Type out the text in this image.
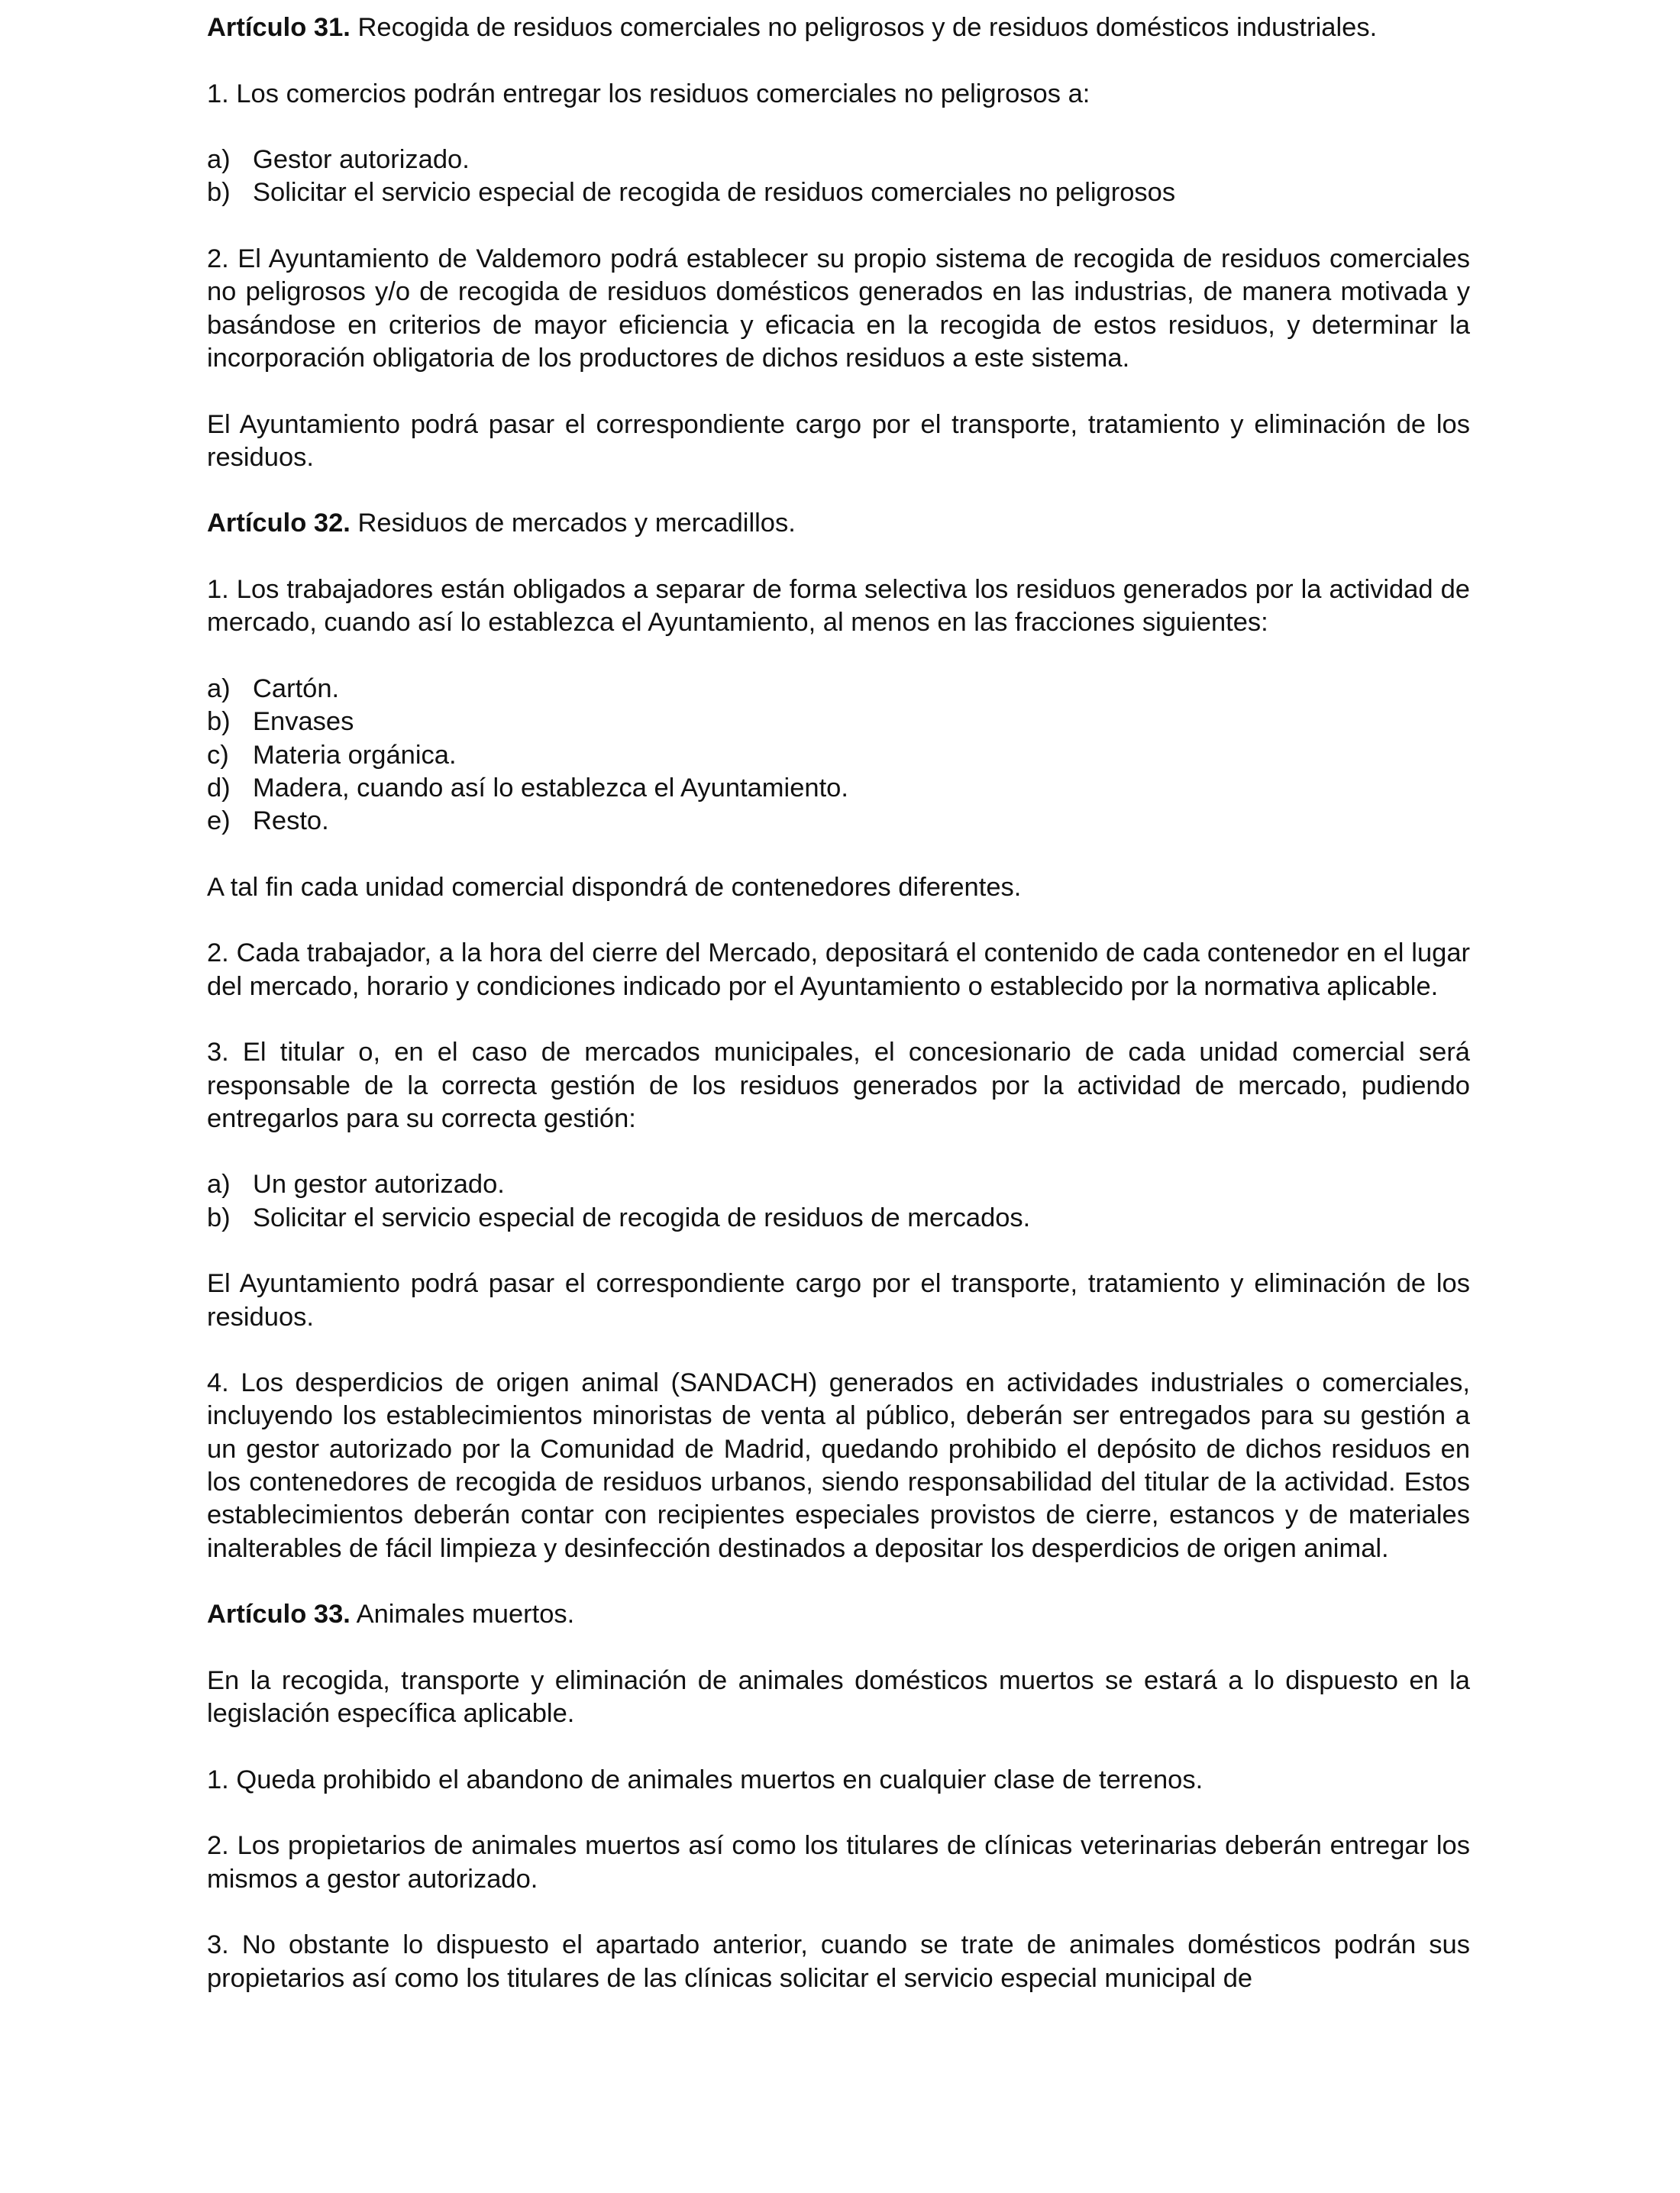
Artículo 31. Recogida de residuos comerciales no peligrosos y de residuos domésticos industriales.
1. Los comercios podrán entregar los residuos comerciales no peligrosos a:
a) Gestor autorizado.
b) Solicitar el servicio especial de recogida de residuos comerciales no peligrosos
2. El Ayuntamiento de Valdemoro podrá establecer su propio sistema de recogida de residuos comerciales no peligrosos y/o de recogida de residuos domésticos generados en las industrias, de manera motivada y basándose en criterios de mayor eficiencia y eficacia en la recogida de estos residuos, y determinar la incorporación obligatoria de los productores de dichos residuos a este sistema.
El Ayuntamiento podrá pasar el correspondiente cargo por el transporte, tratamiento y eliminación de los residuos.
Artículo 32. Residuos de mercados y mercadillos.
1. Los trabajadores están obligados a separar de forma selectiva los residuos generados por la actividad de mercado, cuando así lo establezca el Ayuntamiento, al menos en las fracciones siguientes:
a) Cartón.
b) Envases
c) Materia orgánica.
d) Madera, cuando así lo establezca el Ayuntamiento.
e) Resto.
A tal fin cada unidad comercial dispondrá de contenedores diferentes.
2. Cada trabajador, a la hora del cierre del Mercado, depositará el contenido de cada contenedor en el lugar del mercado, horario y condiciones indicado por el Ayuntamiento o establecido por la normativa aplicable.
3. El titular o, en el caso de mercados municipales, el concesionario de cada unidad comercial será responsable de la correcta gestión de los residuos generados por la actividad de mercado, pudiendo entregarlos para su correcta gestión:
a) Un gestor autorizado.
b) Solicitar el servicio especial de recogida de residuos de mercados.
El Ayuntamiento podrá pasar el correspondiente cargo por el transporte, tratamiento y eliminación de los residuos.
4. Los desperdicios de origen animal (SANDACH) generados en actividades industriales o comerciales, incluyendo los establecimientos minoristas de venta al público, deberán ser entregados para su gestión a un gestor autorizado por la Comunidad de Madrid, quedando prohibido el depósito de dichos residuos en los contenedores de recogida de residuos urbanos, siendo responsabilidad del titular de la actividad. Estos establecimientos deberán contar con recipientes especiales provistos de cierre, estancos y de materiales inalterables de fácil limpieza y desinfección destinados a depositar los desperdicios de origen animal.
Artículo 33. Animales muertos.
En la recogida, transporte y eliminación de animales domésticos muertos se estará a lo dispuesto en la legislación específica aplicable.
1. Queda prohibido el abandono de animales muertos en cualquier clase de terrenos.
2. Los propietarios de animales muertos así como los titulares de clínicas veterinarias deberán entregar los mismos a gestor autorizado.
3. No obstante lo dispuesto el apartado anterior, cuando se trate de animales domésticos podrán sus propietarios así como los titulares de las clínicas solicitar el servicio especial municipal de
